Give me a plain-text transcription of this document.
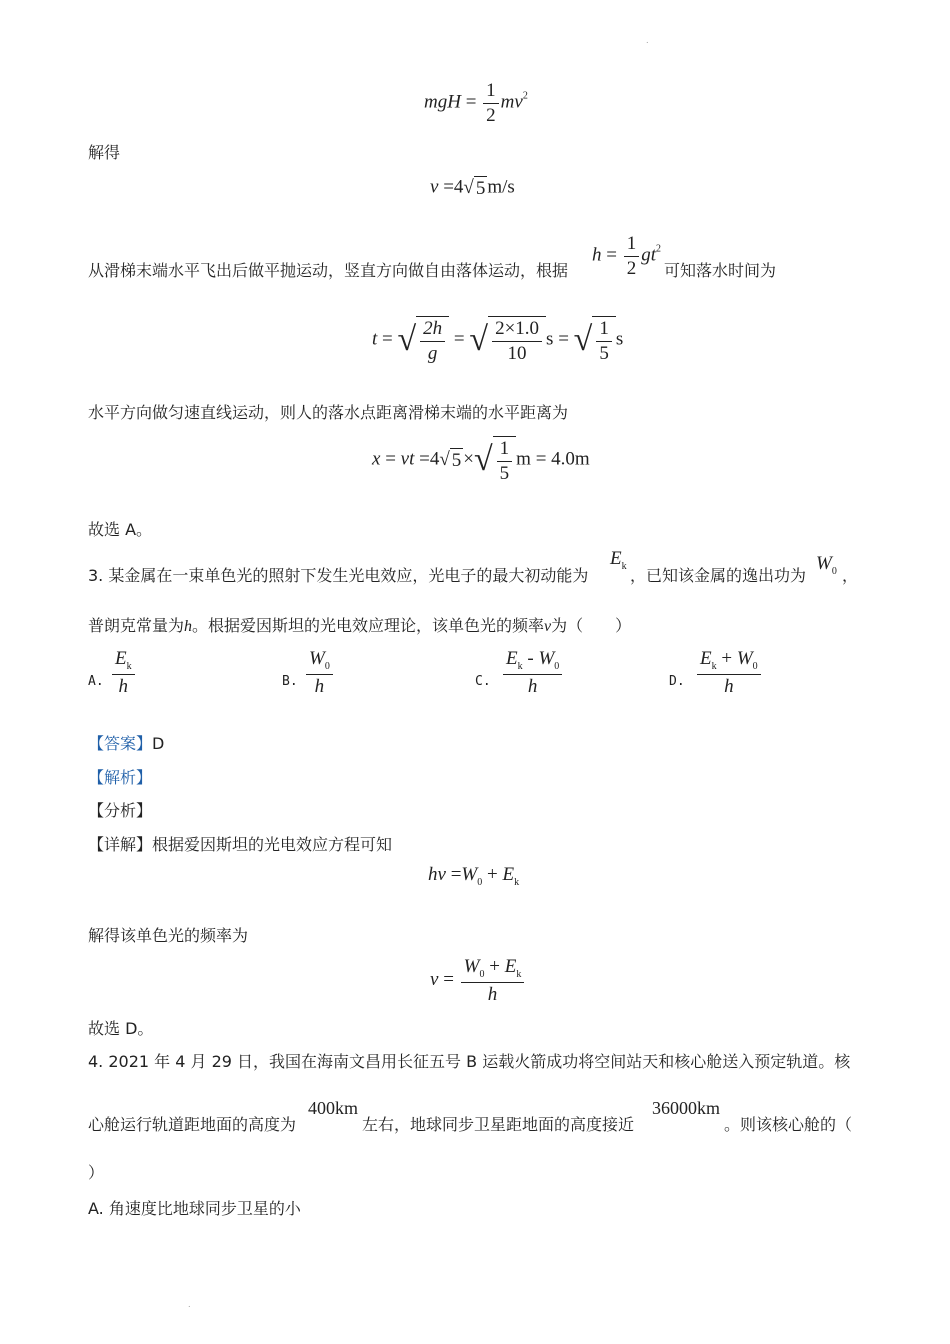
.
.
mgH = $\frac{1}{2} mv^2$
解得
v =4√ 5 m/s
从滑梯末端水平飞出后做平抛运动，竖直方向做自由落体运动，根据
$h = \frac{1}{2} gt^2$
可知落水时间为
t = √ $\frac{2h}{g}$ = √ $\frac{2\times 1.0}{10}$ s = √ $\frac{1}{5}$ s
水平方向做匀速直线运动，则人的落水点距离滑梯末端的水平距离为
x = vt =4√ 5 ×√ $\frac{1}{5}$ m = 4.0m
故选 A。
3. 某金属在一束单色光的照射下发生光电效应，光电子的最大初动能为
$E_k$ ，已知该金属的逸出功为
$W_0$ ，
普朗克常量为h。根据爱因斯坦的光电效应理论，该单色光的频率ν为（　　）
A. $\frac{E_k}{h}$	B. $\frac{W_0}{h}$	C. $\frac{E_k - W_0}{h}$	D. $\frac{E_k + W_0}{h}$
【答案】D
【解析】
【分析】
【详解】根据爱因斯坦的光电效应方程可知
$h\nu =W_0 + E_k$
解得该单色光的频率为
$\nu = \frac{W_0 + E_k}{h}$
故选 D。
4. 2021 年 4 月 29 日，我国在海南文昌用长征五号 B 运载火箭成功将空间站天和核心舱送入预定轨道。核
心舱运行轨道距地面的高度为
400km
左右，地球同步卫星距地面的高度接近
36000km
。则该核心舱的（
）
A. 角速度比地球同步卫星的小
